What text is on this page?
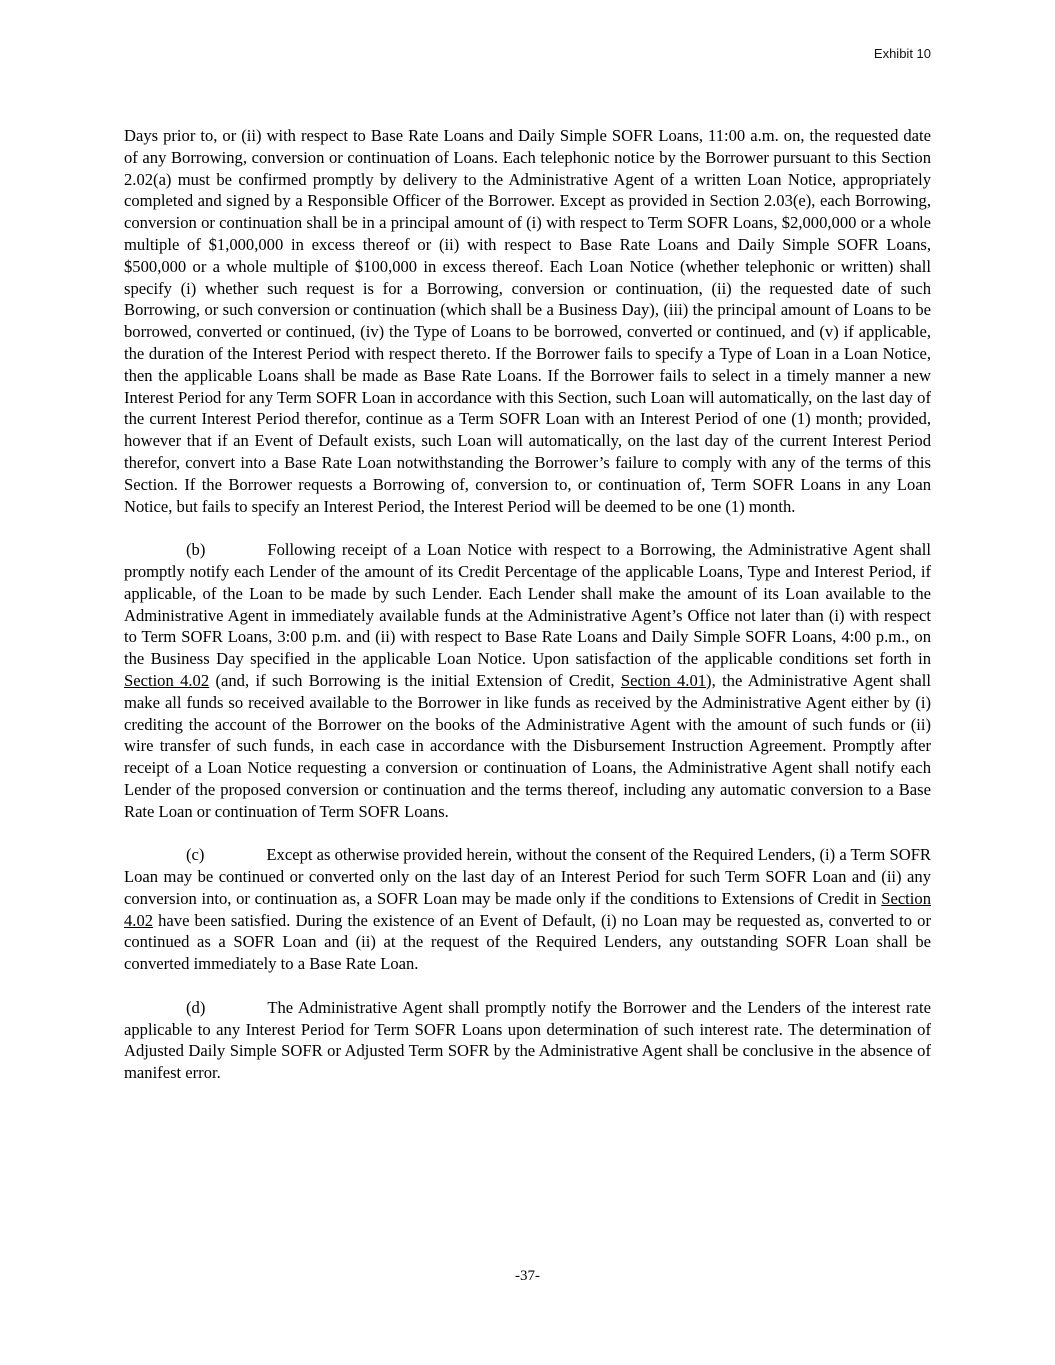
Exhibit 10

Days prior to, or (ii) with respect to Base Rate Loans and Daily Simple SOFR Loans, 11:00 a.m. on, the requested date of any Borrowing, conversion or continuation of Loans. Each telephonic notice by the Borrower pursuant to this Section 2.02(a) must be confirmed promptly by delivery to the Administrative Agent of a written Loan Notice, appropriately completed and signed by a Responsible Officer of the Borrower. Except as provided in Section 2.03(e), each Borrowing, conversion or continuation shall be in a principal amount of (i) with respect to Term SOFR Loans, $2,000,000 or a whole multiple of $1,000,000 in excess thereof or (ii) with respect to Base Rate Loans and Daily Simple SOFR Loans, $500,000 or a whole multiple of $100,000 in excess thereof. Each Loan Notice (whether telephonic or written) shall specify (i) whether such request is for a Borrowing, conversion or continuation, (ii) the requested date of such Borrowing, or such conversion or continuation (which shall be a Business Day), (iii) the principal amount of Loans to be borrowed, converted or continued, (iv) the Type of Loans to be borrowed, converted or continued, and (v) if applicable, the duration of the Interest Period with respect thereto. If the Borrower fails to specify a Type of Loan in a Loan Notice, then the applicable Loans shall be made as Base Rate Loans. If the Borrower fails to select in a timely manner a new Interest Period for any Term SOFR Loan in accordance with this Section, such Loan will automatically, on the last day of the current Interest Period therefor, continue as a Term SOFR Loan with an Interest Period of one (1) month; provided, however that if an Event of Default exists, such Loan will automatically, on the last day of the current Interest Period therefor, convert into a Base Rate Loan notwithstanding the Borrower’s failure to comply with any of the terms of this Section. If the Borrower requests a Borrowing of, conversion to, or continuation of, Term SOFR Loans in any Loan Notice, but fails to specify an Interest Period, the Interest Period will be deemed to be one (1) month.

(b)	Following receipt of a Loan Notice with respect to a Borrowing, the Administrative Agent shall promptly notify each Lender of the amount of its Credit Percentage of the applicable Loans, Type and Interest Period, if applicable, of the Loan to be made by such Lender. Each Lender shall make the amount of its Loan available to the Administrative Agent in immediately available funds at the Administrative Agent’s Office not later than (i) with respect to Term SOFR Loans, 3:00 p.m. and (ii) with respect to Base Rate Loans and Daily Simple SOFR Loans, 4:00 p.m., on the Business Day specified in the applicable Loan Notice. Upon satisfaction of the applicable conditions set forth in Section 4.02 (and, if such Borrowing is the initial Extension of Credit, Section 4.01), the Administrative Agent shall make all funds so received available to the Borrower in like funds as received by the Administrative Agent either by (i) crediting the account of the Borrower on the books of the Administrative Agent with the amount of such funds or (ii) wire transfer of such funds, in each case in accordance with the Disbursement Instruction Agreement. Promptly after receipt of a Loan Notice requesting a conversion or continuation of Loans, the Administrative Agent shall notify each Lender of the proposed conversion or continuation and the terms thereof, including any automatic conversion to a Base Rate Loan or continuation of Term SOFR Loans.

(c)	Except as otherwise provided herein, without the consent of the Required Lenders, (i) a Term SOFR Loan may be continued or converted only on the last day of an Interest Period for such Term SOFR Loan and (ii) any conversion into, or continuation as, a SOFR Loan may be made only if the conditions to Extensions of Credit in Section 4.02 have been satisfied. During the existence of an Event of Default, (i) no Loan may be requested as, converted to or continued as a SOFR Loan and (ii) at the request of the Required Lenders, any outstanding SOFR Loan shall be converted immediately to a Base Rate Loan.

(d)	The Administrative Agent shall promptly notify the Borrower and the Lenders of the interest rate applicable to any Interest Period for Term SOFR Loans upon determination of such interest rate. The determination of Adjusted Daily Simple SOFR or Adjusted Term SOFR by the Administrative Agent shall be conclusive in the absence of manifest error.

-37-
